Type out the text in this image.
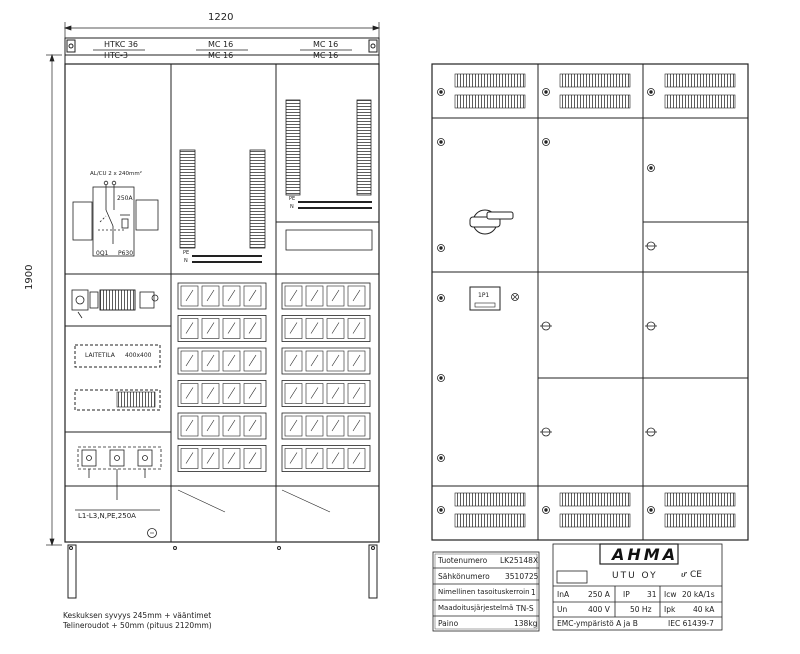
1220
1900
HTKC 36
HTC-3
MC 16
MC 16
MC 16
MC 16
AL/CU 2 x 240mm²
250A
0Q1 P630	PE
N
PE
N
LAITETILA 400x400
L1-L3,N,PE,250A
Keskuksen syvyys 245mm + vääntimet
Telineroudot + 50mm (pituus 2120mm)
1P1
Tuotenumero LK25148X
Sähkönumero 3510725
Nimellinen tasoituskerroin 1
Maadoitusjärjestelmä TN-S
Paino	138kg
AHMA
UTU OY	ሆ CE
InA	250 A IP 31 Icw 20 kA/1s
Un	400 V	50 Hz Ipk 40 kA
EMC-ympäristö A ja B	IEC 61439-7
